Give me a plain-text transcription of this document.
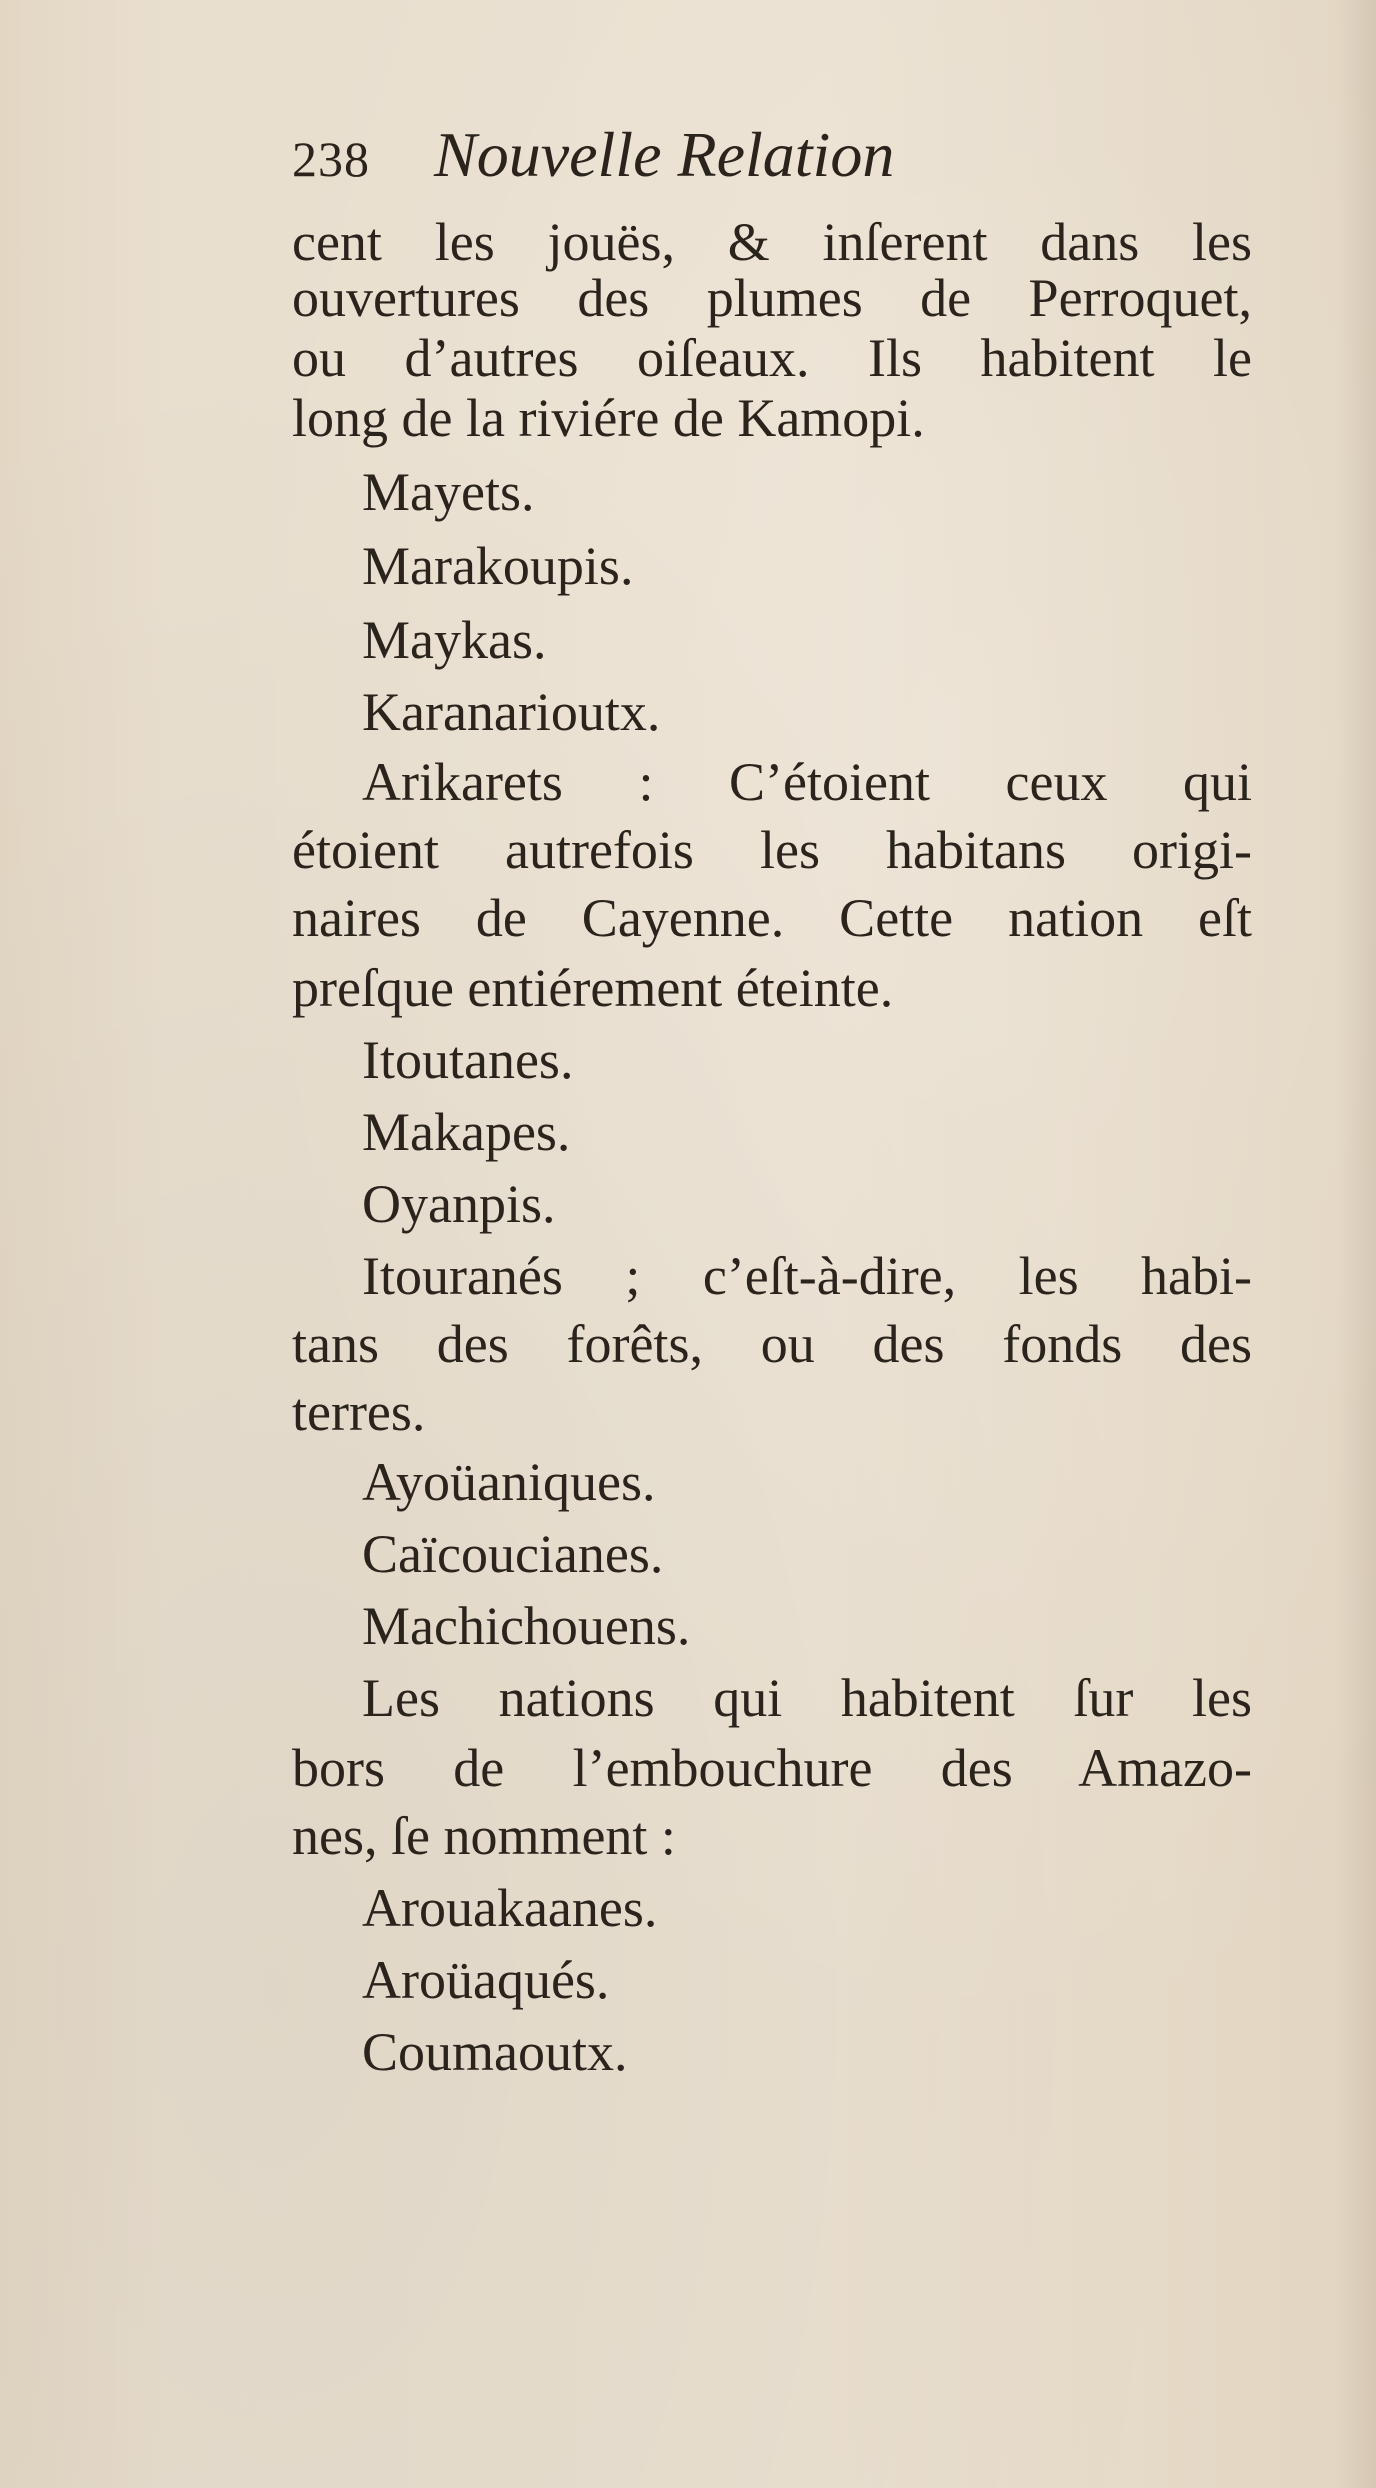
238 Nouvelle Relation
cent les jouës, & inſerent dans les
ouvertures des plumes de Perroquet,
ou d’autres oiſeaux. Ils habitent le
long de la riviére de Kamopi.
Mayets.
Marakoupis.
Maykas.
Karanarioutx.
Arikarets : C’étoient ceux qui
étoient autrefois les habitans origi-
naires de Cayenne. Cette nation eſt
preſque entiérement éteinte.
Itoutanes.
Makapes.
Oyanpis.
Itouranés ; c’eſt-à-dire, les habi-
tans des forêts, ou des fonds des
terres.
Ayoüaniques.
Caïcoucianes.
Machichouens.
Les nations qui habitent ſur les
bors de l’embouchure des Amazo-
nes, ſe nomment :
Arouakaanes.
Aroüaqués.
Coumaoutx.
